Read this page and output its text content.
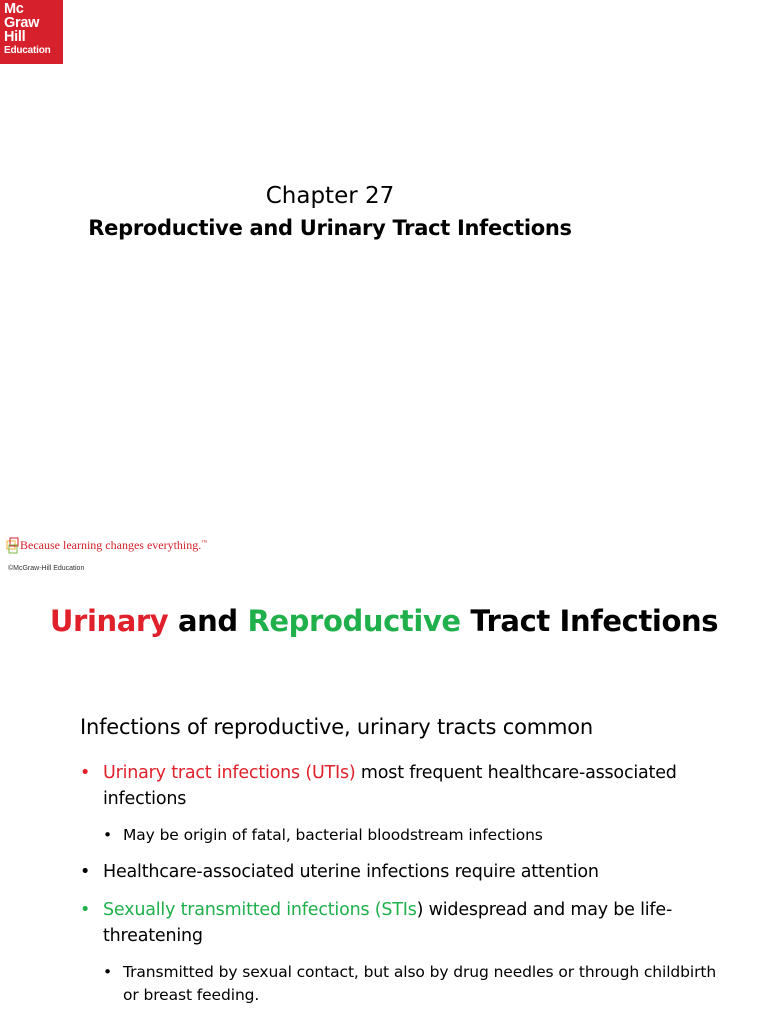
Mc
Graw
Hill
Education
Chapter 27
Reproductive and Urinary Tract Infections
Because learning changes everything.™
©McGraw-Hill Education
Urinary and Reproductive Tract Infections
Infections of reproductive, urinary tracts common
• Urinary tract infections (UTIs) most frequent healthcare-associated infections
• May be origin of fatal, bacterial bloodstream infections
• Healthcare-associated uterine infections require attention
• Sexually transmitted infections (STIs) widespread and may be life-threatening
• Transmitted by sexual contact, but also by drug needles or through childbirth or breast feeding.
